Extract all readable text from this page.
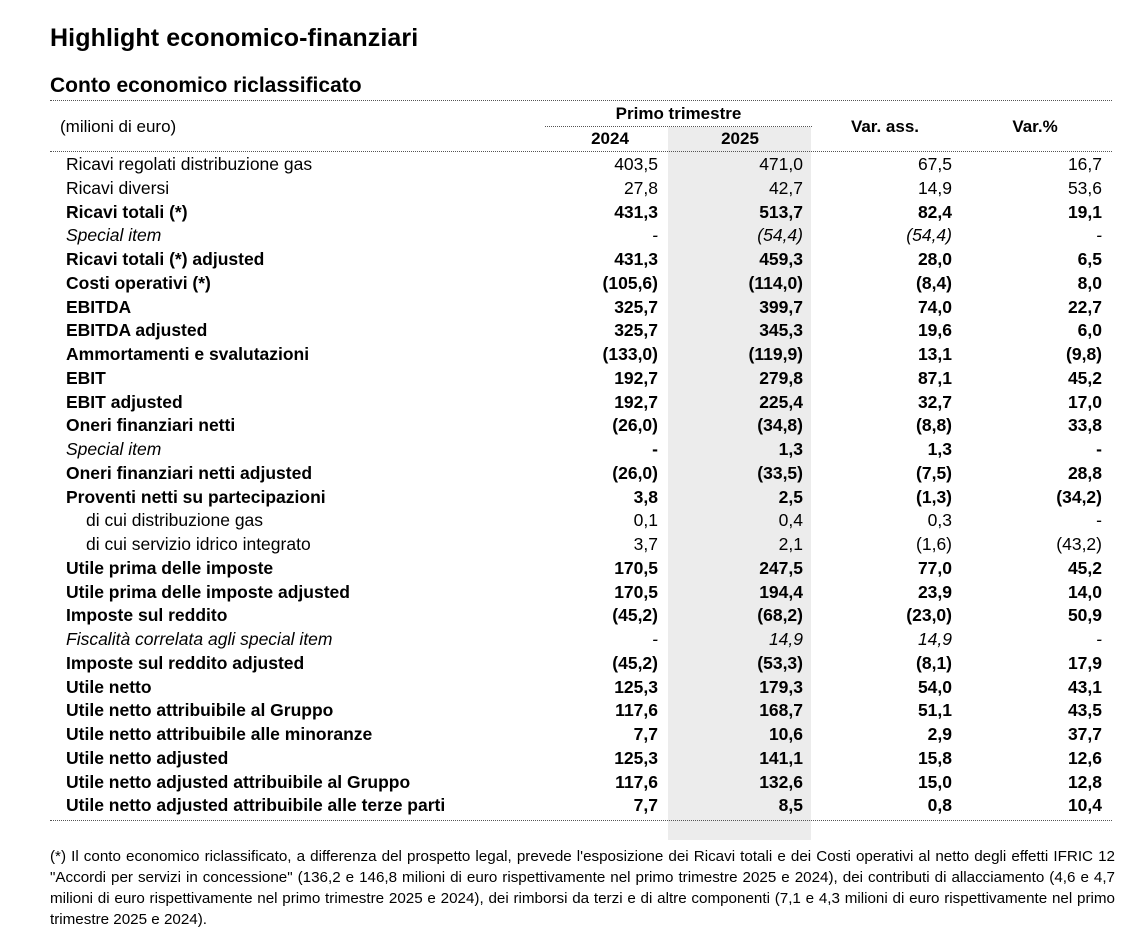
Highlight economico-finanziari
Conto economico riclassificato
(milioni di euro)
Primo trimestre
2024	2025
Var. ass.	Var.%
Ricavi regolati distribuzione gas	403,5	471,0	67,5	16,7
Ricavi diversi	27,8	42,7	14,9	53,6
Ricavi totali (*)	431,3	513,7	82,4	19,1
Special item	-	(54,4)	(54,4)	-
Ricavi totali (*) adjusted	431,3	459,3	28,0	6,5
Costi operativi (*)	(105,6)	(114,0)	(8,4)	8,0
EBITDA	325,7	399,7	74,0	22,7
EBITDA adjusted	325,7	345,3	19,6	6,0
Ammortamenti e svalutazioni	(133,0)	(119,9)	13,1	(9,8)
EBIT	192,7	279,8	87,1	45,2
EBIT adjusted	192,7	225,4	32,7	17,0
Oneri finanziari netti	(26,0)	(34,8)	(8,8)	33,8
Special item	-	1,3	1,3	-
Oneri finanziari netti adjusted	(26,0)	(33,5)	(7,5)	28,8
Proventi netti su partecipazioni	3,8	2,5	(1,3)	(34,2)
di cui distribuzione gas	0,1	0,4	0,3	-
di cui servizio idrico integrato	3,7	2,1	(1,6)	(43,2)
Utile prima delle imposte	170,5	247,5	77,0	45,2
Utile prima delle imposte adjusted	170,5	194,4	23,9	14,0
Imposte sul reddito	(45,2)	(68,2)	(23,0)	50,9
Fiscalità correlata agli special item	-	14,9	14,9	-
Imposte sul reddito adjusted	(45,2)	(53,3)	(8,1)	17,9
Utile netto	125,3	179,3	54,0	43,1
Utile netto attribuibile al Gruppo	117,6	168,7	51,1	43,5
Utile netto attribuibile alle minoranze	7,7	10,6	2,9	37,7
Utile netto adjusted	125,3	141,1	15,8	12,6
Utile netto adjusted attribuibile al Gruppo	117,6	132,6	15,0	12,8
Utile netto adjusted attribuibile alle terze parti	7,7	8,5	0,8	10,4
(*) Il conto economico riclassificato, a differenza del prospetto legal, prevede l'esposizione dei Ricavi totali e dei Costi operativi al netto degli effetti IFRIC 12 "Accordi per servizi in concessione" (136,2 e 146,8 milioni di euro rispettivamente nel primo trimestre 2025 e 2024), dei contributi di allacciamento (4,6 e 4,7 milioni di euro rispettivamente nel primo trimestre 2025 e 2024), dei rimborsi da terzi e di altre componenti (7,1 e 4,3 milioni di euro rispettivamente nel primo trimestre 2025 e 2024).
